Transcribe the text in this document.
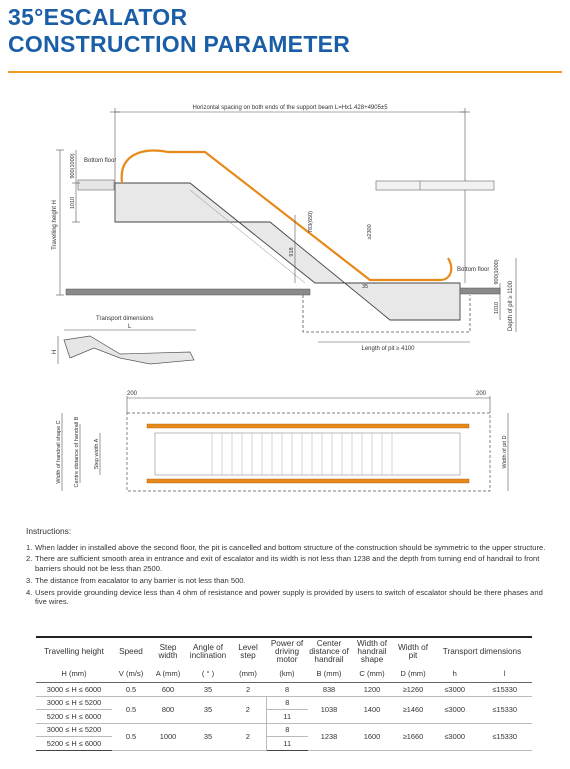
35°ESCALATOR
CONSTRUCTION PARAMETER
Horizontal spacing on both ends of the support beam L=Hx1.428+4905±5
Travelling height H
900(1000)
1010
Bottom floor
≥2300
783(650)
918
35
Bottom floor 900(1000)
1010 Depth of pit ≥ 1100
Length of pit ≥ 4100
Transport dimensions
L
H
200	200
Width of handrail shape C Centre distance of handrail B	Step width A	Width of pit D
Instructions:
1. When ladder in installed above the second floor, the pit is cancelled and bottom structure of the construction should be symmetric to the upper structure.
2. There are sufficient smooth area in entrance and exit of escalator and its width is not less than 1238 and the depth from turning end of handrail to front barriers should not be less than 2500.
3. The distance from eacalator to any barrier is not less than 500.
4. Users provide grounding device less than 4 ohm of resistance and power supply is provided by users to switch of escalator should be there phases and five wires.
Travelling height	Speed	Step width	Angle of inclination	Level step	Power of driving motor	Center distance of handrail	Width of handrail shape	Width of pit	Transport dimensions	
H (mm)	V (m/s)	A (mm)	( ° )	(mm)	(km)	B (mm)	C (mm)	D (mm)	h	l
3000 ≤ H ≤ 6000	0.5	600	35	2	8	838	1200	≥1260	≤3000	≤15330
3000 ≤ H ≤ 5200	0.5	800	35	2	8	1038	1400	≥1460	≤3000	≤15330
5200 ≤ H ≤ 6000					11					
3000 ≤ H ≤ 5200	0.5	1000	35	2	8	1238	1600	≥1660	≤3000	≤15330
5200 ≤ H ≤ 6000					11					
